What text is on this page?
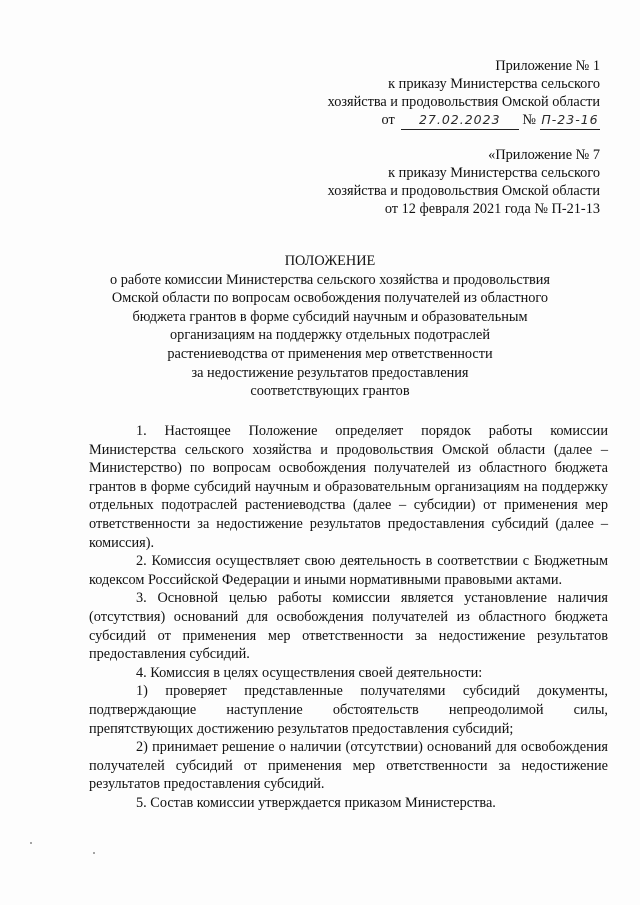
Приложение № 1
к приказу Министерства сельского
хозяйства и продовольствия Омской области
от 27.02.2023 № П-23-16
«Приложение № 7
к приказу Министерства сельского
хозяйства и продовольствия Омской области
от 12 февраля 2021 года № П-21-13
ПОЛОЖЕНИЕ
о работе комиссии Министерства сельского хозяйства и продовольствия
Омской области по вопросам освобождения получателей из областного
бюджета грантов в форме субсидий научным и образовательным
организациям на поддержку отдельных подотраслей
растениеводства от применения мер ответственности
за недостижение результатов предоставления
соответствующих грантов

1. Настоящее Положение определяет порядок работы комиссии Министерства сельского хозяйства и продовольствия Омской области (далее – Министерство) по вопросам освобождения получателей из областного бюджета грантов в форме субсидий научным и образовательным организациям на поддержку отдельных подотраслей растениеводства (далее – субсидии) от применения мер ответственности за недостижение результатов предоставления субсидий (далее – комиссия).

2. Комиссия осуществляет свою деятельность в соответствии с Бюджетным кодексом Российской Федерации и иными нормативными правовыми актами.

3. Основной целью работы комиссии является установление наличия (отсутствия) оснований для освобождения получателей из областного бюджета субсидий от применения мер ответственности за недостижение результатов предоставления субсидий.

4. Комиссия в целях осуществления своей деятельности:

1) проверяет представленные получателями субсидий документы, подтверждающие наступление обстоятельств непреодолимой силы, препятствующих достижению результатов предоставления субсидий;

2) принимает решение о наличии (отсутствии) оснований для освобождения получателей субсидий от применения мер ответственности за недостижение результатов предоставления субсидий.

5. Состав комиссии утверждается приказом Министерства.
